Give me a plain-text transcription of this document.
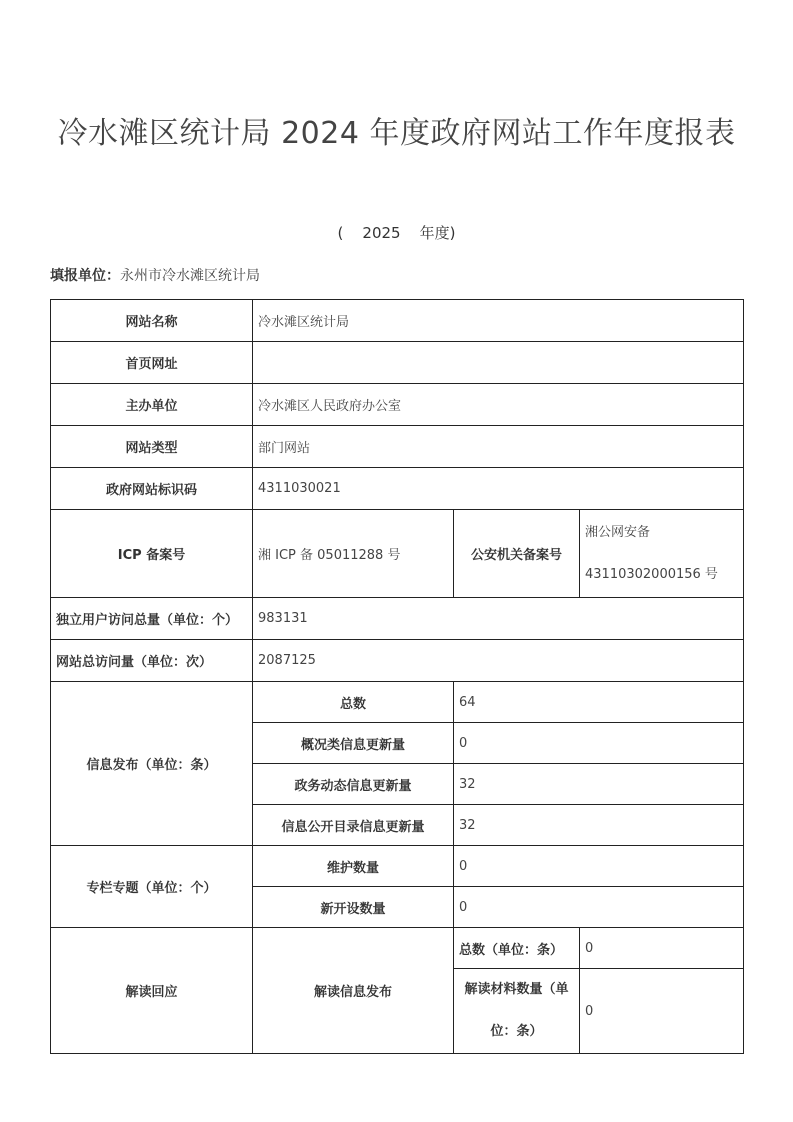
冷水滩区统计局 2024 年度政府网站工作年度报表
(    2025    年度)
填报单位：永州市冷水滩区统计局
网站名称	冷水滩区统计局		
首页网址			
主办单位	冷水滩区人民政府办公室		
网站类型	部门网站		
政府网站标识码	4311030021		
ICP 备案号	湘 ICP 备 05011288 号	公安机关备案号	湘公网安备
43110302000156 号
独立用户访问总量（单位：个）	983131		
网站总访问量（单位：次）	2087125		
信息发布（单位：条）	总数	64	
	概况类信息更新量	0	
	政务动态信息更新量	32	
	信息公开目录信息更新量	32	
专栏专题（单位：个）	维护数量	0	
	新开设数量	0	
解读回应	解读信息发布	总数（单位：条）	0
		解读材料数量（单
位：条）	0
